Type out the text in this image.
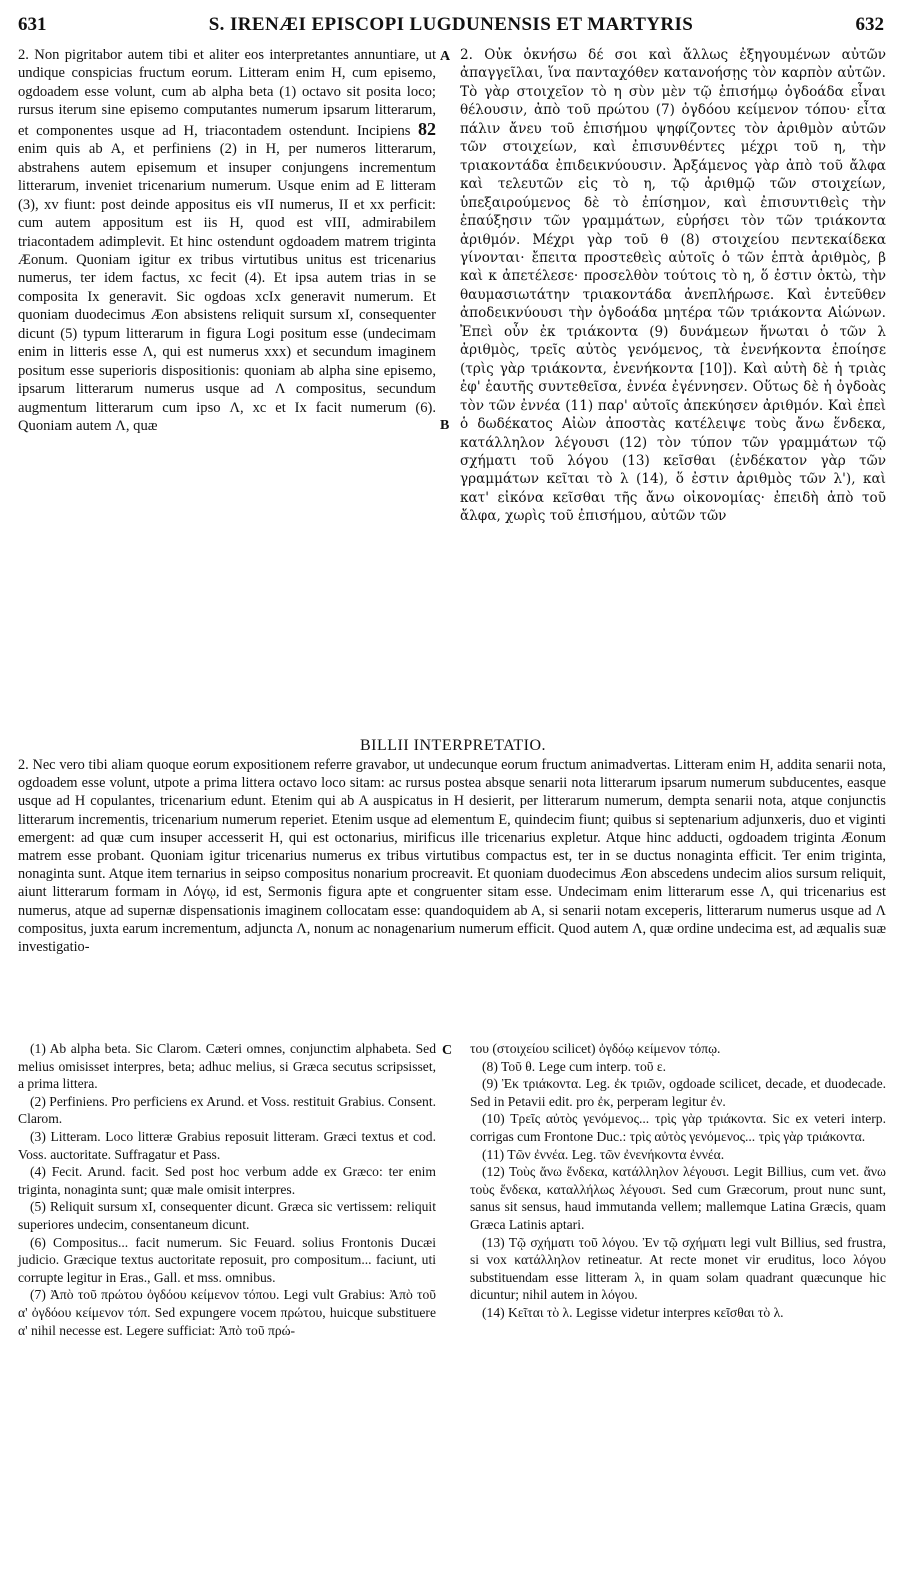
631	S. IRENÆI EPISCOPI LUGDUNENSIS ET MARTYRIS	632
2. Non pigritabor autem tibi et aliter eos interpretantes annuntiare, ut undique conspicias fructum eorum. Litteram enim H, cum episemo, ogdoadem esse volunt, cum ab alpha beta (1) octavo sit posita loco; rursus iterum sine episemo computantes numerum ipsarum litterarum, et componentes usque ad H, triacontadem ostendunt. Incipiens 82 enim quis ab A, et perfiniens (2) in H, per numeros litterarum, abstrahens autem episemum et insuper conjungens incrementum litterarum, inveniet tricenarium numerum. Usque enim ad E litteram (3), xv fiunt: post deinde appositus eis vII numerus, II et xx perficit: cum autem appositum est iis H, quod est vIII, admirabilem triacontadem adimplevit. Et hinc ostendunt ogdoadem matrem triginta Æonum. Quoniam igitur ex tribus virtutibus unitus est tricenarius numerus, ter idem factus, xc fecit (4). Et ipsa autem trias in se composita Ix generavit. Sic ogdoas xcIx generavit numerum. Et quoniam duodecimus Æon absistens reliquit sursum xI, consequenter dicunt (5) typum litterarum in figura Logi positum esse (undecimam enim in litteris esse Λ, qui est numerus xxx) et secundum imaginem positum esse superioris dispositionis: quoniam ab alpha sine episemo, ipsarum litterarum numerus usque ad Λ compositus, secundum augmentum litterarum cum ipso Λ, xc et Ix facit numerum (6). Quoniam autem Λ, quæ
A
B
2. Οὐκ ὀκνήσω δέ σοι καὶ ἄλλως ἐξηγουμένων αὐτῶν ἀπαγγεῖλαι, ἵνα πανταχόθεν κατανοήσῃς τὸν καρπὸν αὐτῶν. Τὸ γὰρ στοιχεῖον τὸ η σὺν μὲν τῷ ἐπισήμῳ ὀγδοάδα εἶναι θέλουσιν, ἀπὸ τοῦ πρώτου (7) ὀγδόου κείμενον τόπου· εἶτα πάλιν ἄνευ τοῦ ἐπισήμου ψηφίζοντες τὸν ἀριθμὸν αὐτῶν τῶν στοιχείων, καὶ ἐπισυνθέντες μέχρι τοῦ η, τὴν τριακοντάδα ἐπιδεικνύουσιν. Ἀρξάμενος γὰρ ἀπὸ τοῦ ἄλφα καὶ τελευτῶν εἰς τὸ η, τῷ ἀριθμῷ τῶν στοιχείων, ὑπεξαιρούμενος δὲ τὸ ἐπίσημον, καὶ ἐπισυντιθεὶς τὴν ἐπαύξησιν τῶν γραμμάτων, εὑρήσει τὸν τῶν τριάκοντα ἀριθμόν. Μέχρι γὰρ τοῦ θ (8) στοιχείου πεντεκαίδεκα γίνονται· ἔπειτα προστεθεὶς αὐτοῖς ὁ τῶν ἑπτὰ ἀριθμὸς, β καὶ κ ἀπετέλεσε· προσελθὸν τούτοις τὸ η, ὅ ἐστιν ὀκτὼ, τὴν θαυμασιωτάτην τριακοντάδα ἀνεπλήρωσε. Καὶ ἐντεῦθεν ἀποδεικνύουσι τὴν ὀγδοάδα μητέρα τῶν τριάκοντα Αἰώνων. Ἐπεὶ οὖν ἐκ τριάκοντα (9) δυνάμεων ἥνωται ὁ τῶν λ ἀριθμὸς, τρεῖς αὐτὸς γενόμενος, τὰ ἐνενήκοντα ἐποίησε (τρὶς γὰρ τριάκοντα, ἐνενήκοντα [10]). Καὶ αὐτὴ δὲ ἡ τριὰς ἐφ' ἑαυτῆς συντεθεῖσα, ἐννέα ἐγέννησεν. Οὕτως δὲ ἡ ὀγδοὰς τὸν τῶν ἐννέα (11) παρ' αὐτοῖς ἀπεκύησεν ἀριθμόν. Καὶ ἐπεὶ ὁ δωδέκατος Αἰὼν ἀποστὰς κατέλειψε τοὺς ἄνω ἕνδεκα, κατάλληλον λέγουσι (12) τὸν τύπον τῶν γραμμάτων τῷ σχήματι τοῦ λόγου (13) κεῖσθαι (ἑνδέκατον γὰρ τῶν γραμμάτων κεῖται τὸ λ (14), ὅ ἐστιν ἀριθμὸς τῶν λ'), καὶ κατ' εἰκόνα κεῖσθαι τῆς ἄνω οἰκονομίας· ἐπειδὴ ἀπὸ τοῦ ἄλφα, χωρὶς τοῦ ἐπισήμου, αὐτῶν τῶν
BILLII INTERPRETATIO.
2. Nec vero tibi aliam quoque eorum expositionem referre gravabor, ut undecunque eorum fructum animadvertas. Litteram enim H, addita senarii nota, ogdoadem esse volunt, utpote a prima littera octavo loco sitam: ac rursus postea absque senarii nota litterarum ipsarum numerum subducentes, easque usque ad H copulantes, tricenarium edunt. Etenim qui ab A auspicatus in H desierit, per litterarum numerum, dempta senarii nota, atque conjunctis litterarum incrementis, tricenarium numerum reperiet. Etenim usque ad elementum E, quindecim fiunt; quibus si septenarium adjunxeris, duo et viginti emergent: ad quæ cum insuper accesserit H, qui est octonarius, mirificus ille tricenarius expletur. Atque hinc adducti, ogdoadem triginta Æonum matrem esse probant. Quoniam igitur tricenarius numerus ex tribus virtutibus compactus est, ter in se ductus nonaginta efficit. Ter enim triginta, nonaginta sunt. Atque item ternarius in seipso compositus nonarium procreavit. Et quoniam duodecimus Æon abscedens undecim alios sursum reliquit, aiunt litterarum formam in Λόγῳ, id est, Sermonis figura apte et congruenter sitam esse. Undecimam enim litterarum esse Λ, qui tricenarius est numerus, atque ad supernæ dispensationis imaginem collocatam esse: quandoquidem ab A, si senarii notam exceperis, litterarum numerus usque ad Λ compositus, juxta earum incrementum, adjuncta Λ, nonum ac nonagenarium numerum efficit. Quod autem Λ, quæ ordine undecima est, ad æqualis suæ investigatio-

(1) Ab alpha beta. Sic Clarom. Cæteri omnes, conjunctim alphabeta. Sed melius omisisset interpres, beta; adhuc melius, si Græca secutus scripsisset, a prima littera.

(2) Perfiniens. Pro perficiens ex Arund. et Voss. restituit Grabius. Consent. Clarom.

(3) Litteram. Loco litteræ Grabius reposuit litteram. Græci textus et cod. Voss. auctoritate. Suffragatur et Pass.

(4) Fecit. Arund. facit. Sed post hoc verbum adde ex Græco: ter enim triginta, nonaginta sunt; quæ male omisit interpres.

(5) Reliquit sursum xI, consequenter dicunt. Græca sic vertissem: reliquit superiores undecim, consentaneum dicunt.

(6) Compositus... facit numerum. Sic Feuard. solius Frontonis Ducæi judicio. Græcique textus auctoritate reposuit, pro compositum... faciunt, uti corrupte legitur in Eras., Gall. et mss. omnibus.

(7) Ἀπὸ τοῦ πρώτου ὀγδόου κείμενον τόπου. Legi vult Grabius: Ἀπὸ τοῦ α' ὀγδόου κείμενον τόπ. Sed expungere vocem πρώτου, huicque substituere α' nihil necesse est. Legere sufficiat: Ἀπὸ τοῦ πρώ-

C του (στοιχείου scilicet) ὀγδόῳ κείμενον τόπῳ.

(8) Τοῦ θ. Lege cum interp. τοῦ ε.

(9) Ἐκ τριάκοντα. Leg. ἐκ τριῶν, ogdoade scilicet, decade, et duodecade. Sed in Petavii edit. pro ἐκ, perperam legitur ἐν.

(10) Τρεῖς αὐτὸς γενόμενος... τρὶς γὰρ τριάκοντα. Sic ex veteri interp. corrigas cum Frontone Duc.: τρὶς αὐτὸς γενόμενος... τρὶς γὰρ τριάκοντα.

(11) Τῶν ἐννέα. Leg. τῶν ἐνενήκοντα ἐννέα.

(12) Τοὺς ἄνω ἕνδεκα, κατάλληλον λέγουσι. Legit Billius, cum vet. ἄνω τοὺς ἕνδεκα, καταλλήλως λέγουσι. Sed cum Græcorum, prout nunc sunt, sanus sit sensus, haud immutanda vellem; mallemque Latina Græcis, quam Græca Latinis aptari.

(13) Τῷ σχήματι τοῦ λόγου. Ἐν τῷ σχήματι legi vult Billius, sed frustra, si vox κατάλληλον retineatur. At recte monet vir eruditus, loco λόγου substituendam esse litteram λ, in quam solam quadrant quæcunque hic dicuntur; nihil autem in λόγου.

(14) Κεῖται τὸ λ. Legisse videtur interpres κεῖσθαι τὸ λ.
